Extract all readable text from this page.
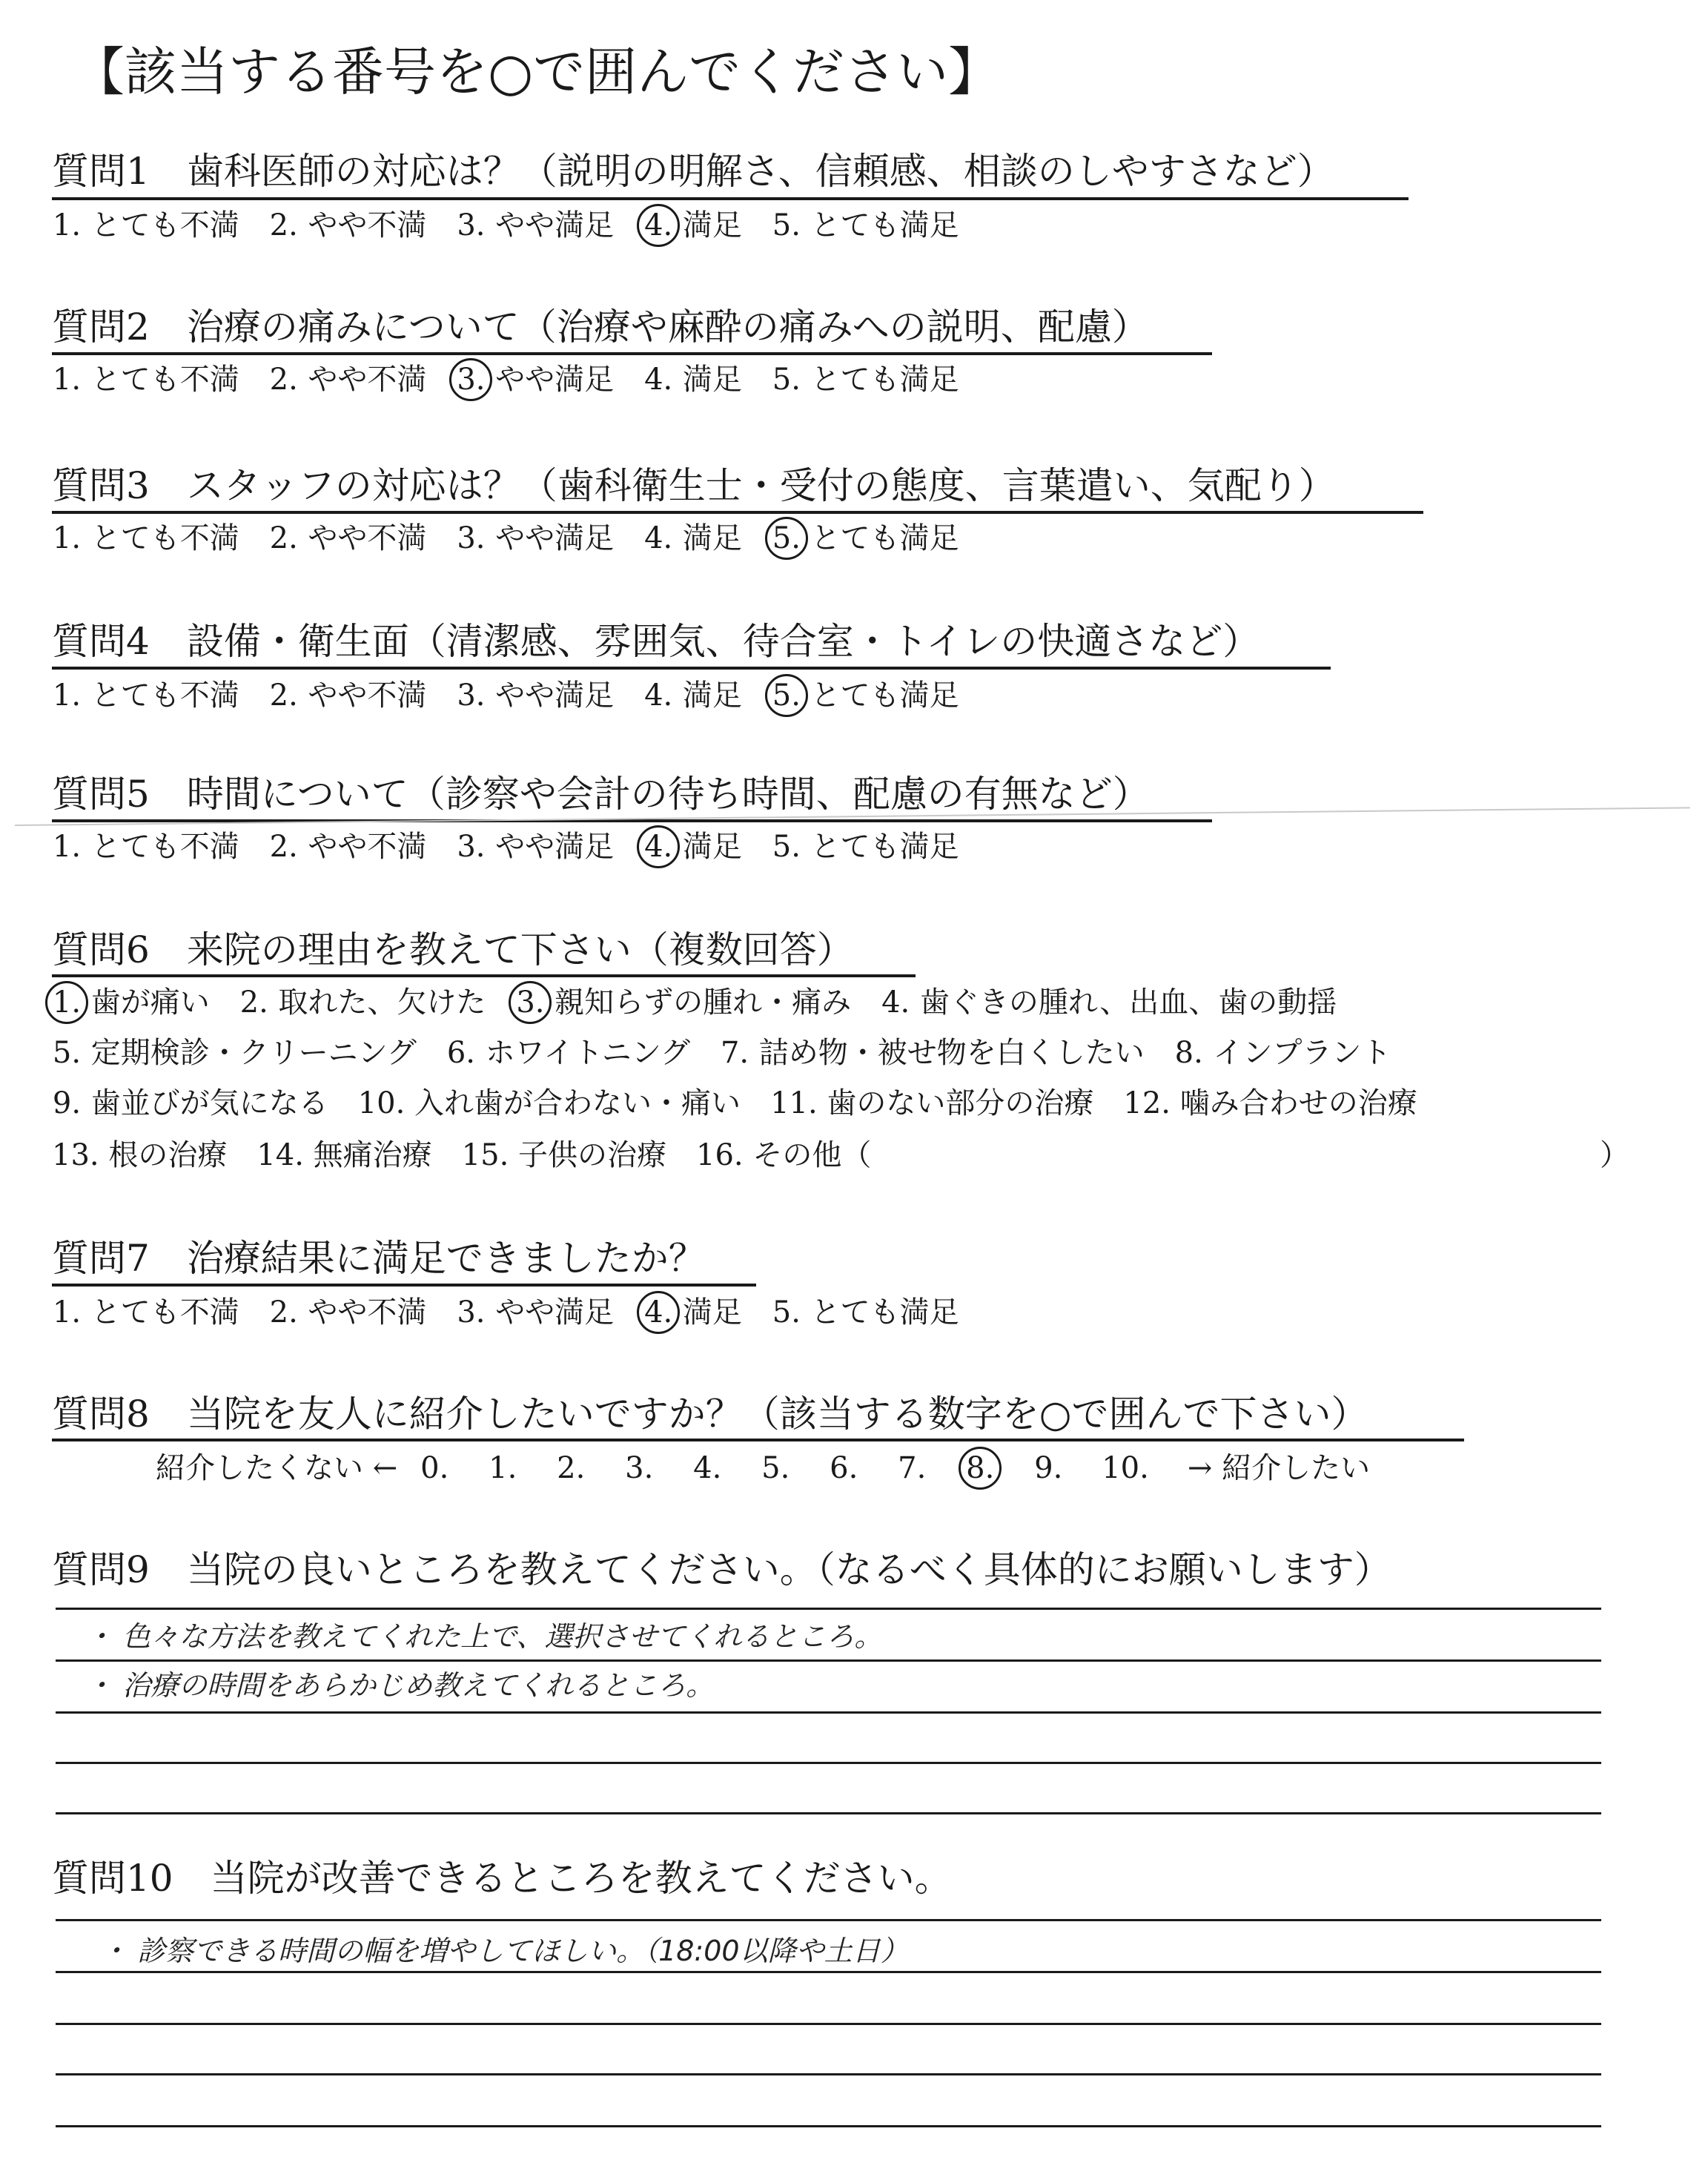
【該当する番号を○で囲んでください】
質問1　 歯科医師の対応は？（説明の明解さ、信頼感、相談のしやすさなど）
1. とても不満 2. やや不満 3. やや満足 4. 満足 5. とても満足
質問2　 治療の痛みについて（治療や麻酔の痛みへの説明、配慮）
1. とても不満 2. やや不満 3. やや満足 4. 満足 5. とても満足
質問3　 スタッフの対応は？（歯科衛生士・受付の態度、言葉遣い、気配り）
1. とても不満 2. やや不満 3. やや満足 4. 満足 5. とても満足
質問4　 設備・衛生面（清潔感、雰囲気、待合室・トイレの快適さなど）
1. とても不満 2. やや不満 3. やや満足 4. 満足 5. とても満足
質問5　 時間について（診察や会計の待ち時間、配慮の有無など）
1. とても不満 2. やや不満 3. やや満足 4. 満足 5. とても満足
質問6　 来院の理由を教えて下さい（複数回答）
1. 歯が痛い 2. 取れた、欠けた 3. 親知らずの腫れ・痛み 4. 歯ぐきの腫れ、出血、歯の動揺
5. 定期検診・クリーニング 6. ホワイトニング 7. 詰め物・被せ物を白くしたい 8. インプラント
9. 歯並びが気になる 10. 入れ歯が合わない・痛い 11. 歯のない部分の治療 12. 噛み合わせの治療
13. 根の治療 14. 無痛治療 15. 子供の治療 16. その他（	）
質問7　 治療結果に満足できましたか？
1. とても不満 2. やや不満 3. やや満足 4. 満足 5. とても満足
質問8　 当院を友人に紹介したいですか？（該当する数字を○で囲んで下さい）
紹介したくない ← 0. 1. 2. 3. 4. 5. 6. 7. 8. 9. 10. → 紹介したい
質問9　 当院の良いところを教えてください。（なるべく具体的にお願いします）
・ 色々な方法を教えてくれた上で、選択させてくれるところ。
・ 治療の時間をあらかじめ教えてくれるところ。
質問10　 当院が改善できるところを教えてください。
・ 診察できる時間の幅を増やしてほしい。（18:00以降や土日）
